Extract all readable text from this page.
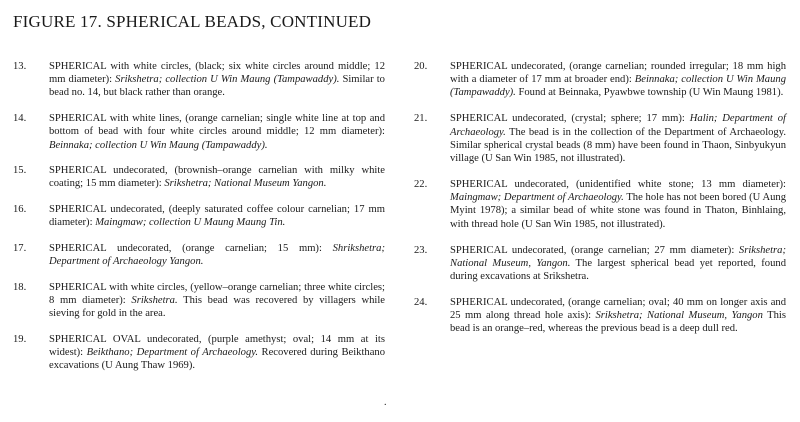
FIGURE 17. SPHERICAL BEADS, CONTINUED
13.	SPHERICAL with white circles, (black; six white circles around middle; 12 mm diameter): Srikshetra; collection U Win Maung (Tampawaddy). Similar to bead no. 14, but black rather than orange.
14.	SPHERICAL with white lines, (orange carnelian; single white line at top and bottom of bead with four white circles around middle; 12 mm diameter): Beinnaka; collection U Win Maung (Tampawaddy).
15.	SPHERICAL undecorated, (brownish–orange carnelian with milky white coating; 15 mm diameter): Srikshetra; National Museum Yangon.
16.	SPHERICAL undecorated, (deeply saturated coffee colour carnelian; 17 mm diameter): Maingmaw; collection U Maung Maung Tin.
17.	SPHERICAL undecorated, (orange carnelian; 15 mm): Shrikshetra; Department of Archaeology Yangon.
18.	SPHERICAL with white circles, (yellow–orange carnelian; three white circles; 8 mm diameter): Srikshetra. This bead was recovered by villagers while sieving for gold in the area.
19.	SPHERICAL OVAL undecorated, (purple amethyst; oval; 14 mm at its widest): Beikthano; Department of Archaeology. Recovered during Beikthano excavations (U Aung Thaw 1969).
20.	SPHERICAL undecorated, (orange carnelian; rounded irregular; 18 mm high with a diameter of 17 mm at broader end): Beinnaka; collection U Win Maung (Tampawaddy). Found at Beinnaka, Pyawbwe township (U Win Maung 1981).
21.	SPHERICAL undecorated, (crystal; sphere; 17 mm): Halin; Department of Archaeology. The bead is in the collection of the Department of Archaeology. Similar spherical crystal beads (8 mm) have been found in Thaon, Sinbyukyun village (U San Win 1985, not illustrated).
22.	SPHERICAL undecorated, (unidentified white stone; 13 mm diameter): Maingmaw; Department of Archaeology. The hole has not been bored (U Aung Myint 1978); a similar bead of white stone was found in Thaton, Binhlaing, with thread hole (U San Win 1985, not illustrated).
23.	SPHERICAL undecorated, (orange carnelian; 27 mm diameter): Srikshetra; National Museum, Yangon. The largest spherical bead yet reported, found during excavations at Srikshetra.
24.	SPHERICAL undecorated, (orange carnelian; oval; 40 mm on longer axis and 25 mm along thread hole axis): Srikshetra; National Museum, Yangon This bead is an orange–red, whereas the previous bead is a deep dull red.
.
